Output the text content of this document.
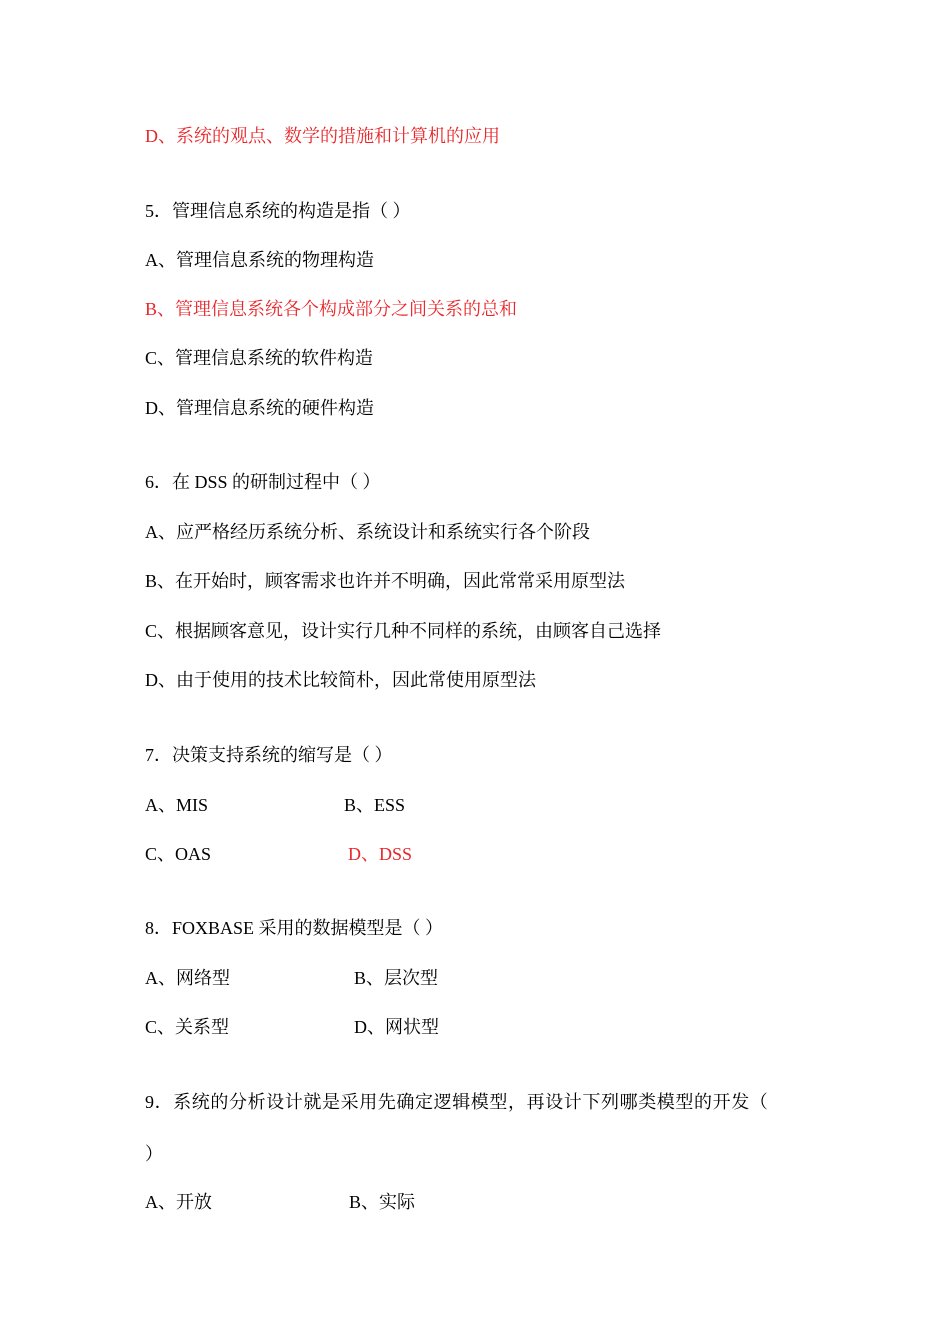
D、系统的观点、数学的措施和计算机的应用

5．管理信息系统的构造是指（ ）

A、管理信息系统的物理构造

B、管理信息系统各个构成部分之间关系的总和

C、管理信息系统的软件构造

D、管理信息系统的硬件构造

6．在 DSS 的研制过程中（ ）

A、应严格经历系统分析、系统设计和系统实行各个阶段

B、在开始时，顾客需求也许并不明确，因此常常采用原型法

C、根据顾客意见，设计实行几种不同样的系统，由顾客自己选择

D、由于使用的技术比较简朴，因此常使用原型法

7．决策支持系统的缩写是（ ）

A、MIS	B、ESS

C、OAS	D、DSS

8．FOXBASE 采用的数据模型是（ ）

A、网络型	B、层次型

C、关系型	D、网状型

9．系统的分析设计就是采用先确定逻辑模型，再设计下列哪类模型的开发（

）

A、开放	B、实际
